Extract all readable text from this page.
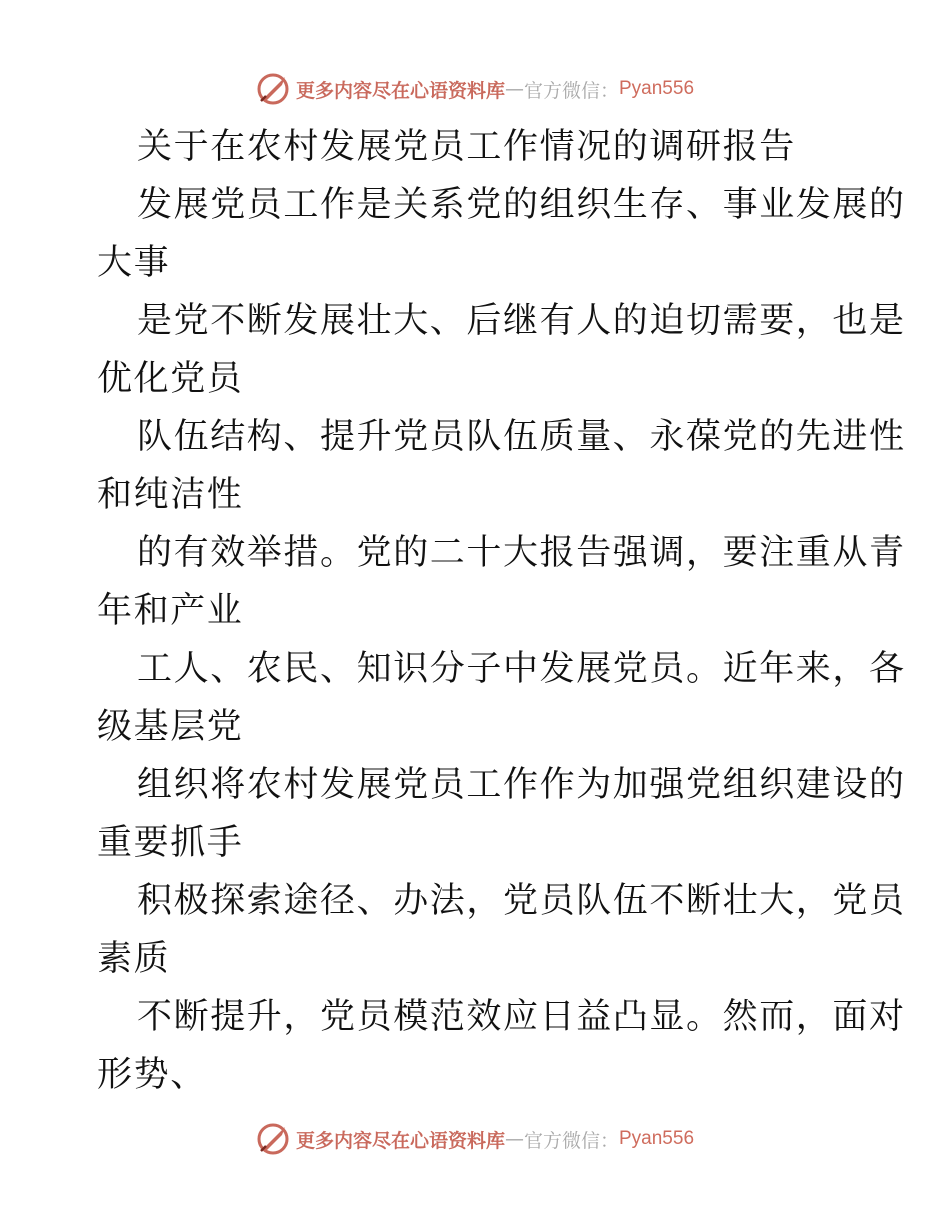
更多内容尽在心语资料库 — 官方微信： Pyan556
关于在农村发展党员工作情况的调研报告
发展党员工作是关系党的组织生存、事业发展的
大事
是党不断发展壮大、后继有人的迫切需要，也是
优化党员
队伍结构、提升党员队伍质量、永葆党的先进性
和纯洁性
的有效举措。党的二十大报告强调，要注重从青
年和产业
工人、农民、知识分子中发展党员。近年来，各
级基层党
组织将农村发展党员工作作为加强党组织建设的
重要抓手
积极探索途径、办法，党员队伍不断壮大，党员
素质
不断提升，党员模范效应日益凸显。然而，面对
形势、
更多内容尽在心语资料库 — 官方微信： Pyan556
